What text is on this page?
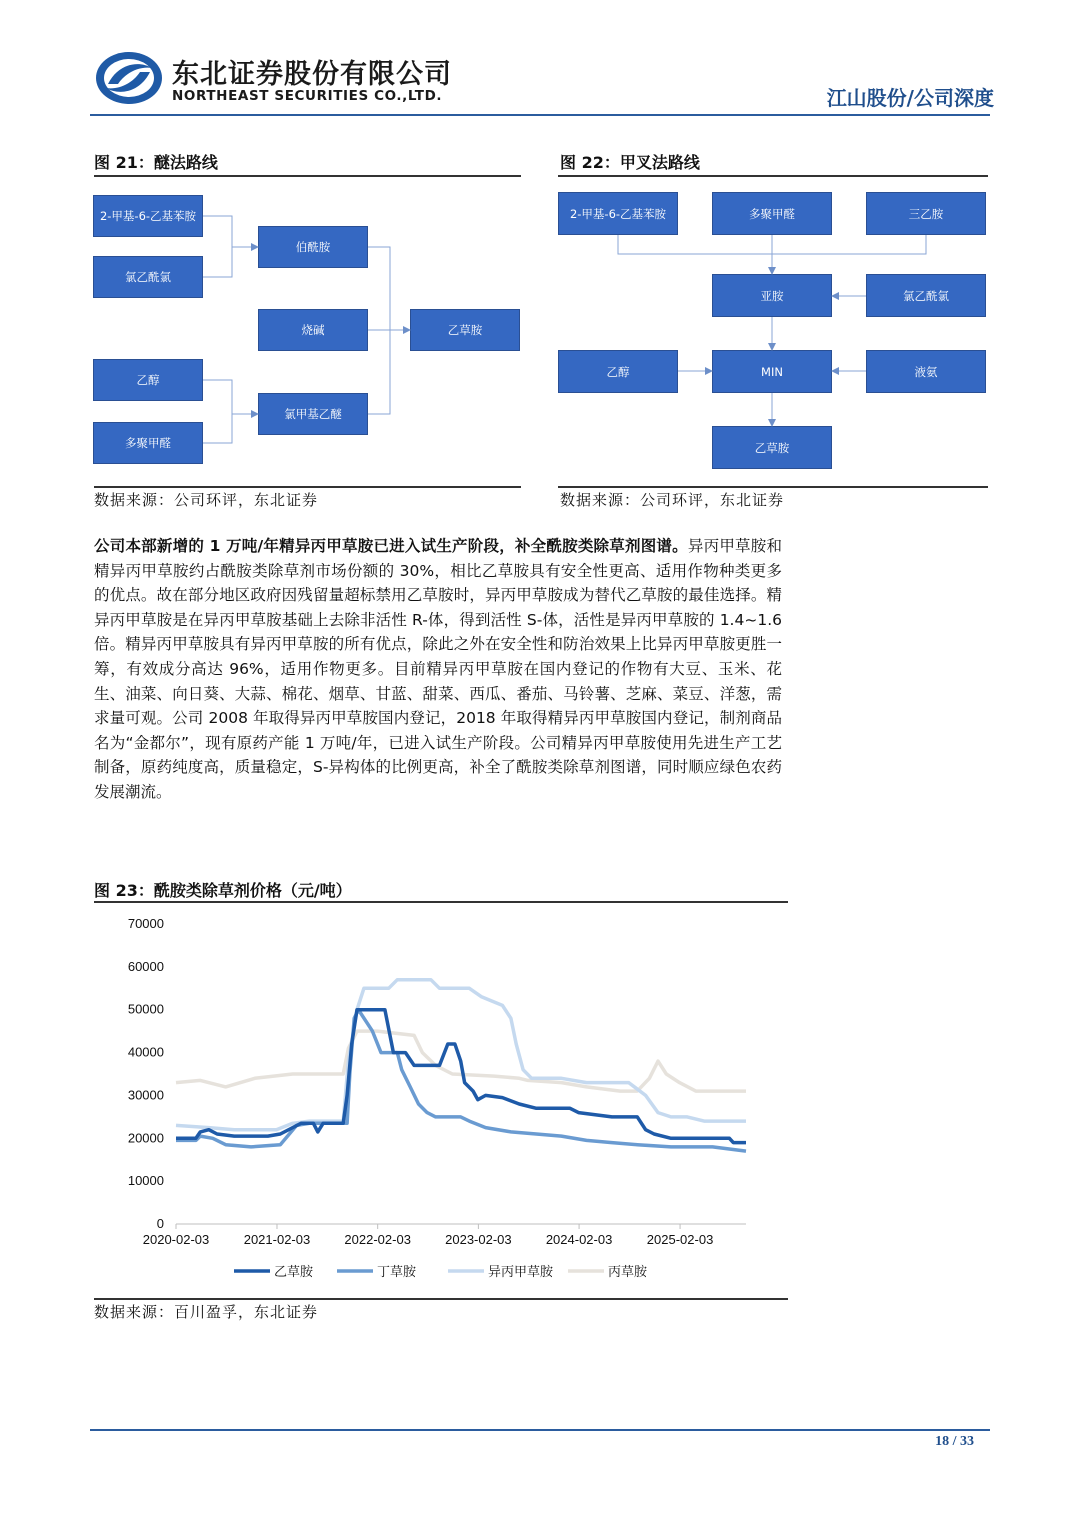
东北证券股份有限公司
NORTHEAST SECURITIES CO.,LTD.	江山股份/公司深度
图 21：醚法路线
2-甲基-6-乙基苯胺
氯乙酰氯
伯酰胺
烧碱	乙草胺
乙醇
多聚甲醛
氯甲基乙醚
数据来源：公司环评，东北证券
图 22：甲叉法路线
2-甲基-6-乙基苯胺	多聚甲醛	三乙胺
亚胺	氯乙酰氯
乙醇	MIN	液氨
乙草胺
数据来源：公司环评，东北证券
公司本部新增的 1 万吨/年精异丙甲草胺已进入试生产阶段，补全酰胺类除草剂图谱。异丙甲草胺和精异丙甲草胺约占酰胺类除草剂市场份额的 30%，相比乙草胺具有安全性更高、适用作物种类更多的优点。故在部分地区政府因残留量超标禁用乙草胺时，异丙甲草胺成为替代乙草胺的最佳选择。精异丙甲草胺是在异丙甲草胺基础上去除非活性 R-体，得到活性 S-体，活性是异丙甲草胺的 1.4~1.6 倍。精异丙甲草胺具有异丙甲草胺的所有优点，除此之外在安全性和防治效果上比异丙甲草胺更胜一筹，有效成分高达 96%，适用作物更多。目前精异丙甲草胺在国内登记的作物有大豆、玉米、花生、油菜、向日葵、大蒜、棉花、烟草、甘蓝、甜菜、西瓜、番茄、马铃薯、芝麻、菜豆、洋葱，需求量可观。公司 2008 年取得异丙甲草胺国内登记，2018 年取得精异丙甲草胺国内登记，制剂商品名为“金都尔”，现有原药产能 1 万吨/年，已进入试生产阶段。公司精异丙甲草胺使用先进生产工艺制备，原药纯度高，质量稳定，S-异构体的比例更高，补全了酰胺类除草剂图谱，同时顺应绿色农药发展潮流。
图 23：酰胺类除草剂价格（元/吨）
0
10000
20000
30000
40000
50000
60000
70000
2020-02-03	2021-02-03	2022-02-03	2023-02-03	2024-02-03	2025-02-03
乙草胺	丁草胺	异丙甲草胺	丙草胺
数据来源：百川盈孚，东北证券
18 / 33
